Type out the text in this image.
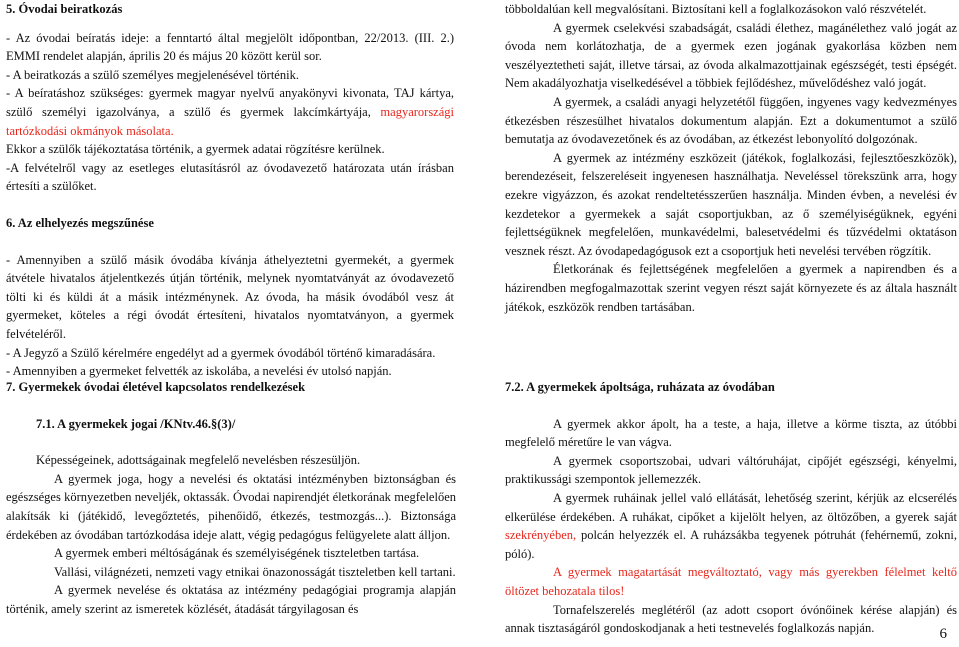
5. Óvodai beiratkozás

- Az óvodai beíratás ideje: a fenntartó által megjelölt időpontban, 22/2013. (III. 2.) EMMI rendelet alapján, április 20 és május 20 között kerül sor.

- A beiratkozás a szülő személyes megjelenésével történik.

- A beíratáshoz szükséges: gyermek magyar nyelvű anyakönyvi kivonata, TAJ kártya, szülő személyi igazolványa, a szülő és gyermek lakcímkártyája, magyarországi tartózkodási okmányok másolata.

Ekkor a szülők tájékoztatása történik, a gyermek adatai rögzítésre kerülnek.

-A felvételről vagy az esetleges elutasításról az óvodavezető határozata után írásban értesíti a szülőket.

6. Az elhelyezés megszűnése

- Amennyiben a szülő másik óvodába kívánja áthelyeztetni gyermekét, a gyermek átvétele hivatalos átjelentkezés útján történik, melynek nyomtatványát az óvodavezető tölti ki és küldi át a másik intézménynek. Az óvoda, ha másik óvodából vesz át gyermeket, köteles a régi óvodát értesíteni, hivatalos nyomtatványon, a gyermek felvételéről.

- A Jegyző a Szülő kérelmére engedélyt ad a gyermek óvodából történő kimaradására.

- Amennyiben a gyermeket felvették az iskolába, a nevelési év utolsó napján.

többoldalúan kell megvalósítani. Biztosítani kell a foglalkozásokon való részvételét.

A gyermek cselekvési szabadságát, családi élethez, magánélethez való jogát az óvoda nem korlátozhatja, de a gyermek ezen jogának gyakorlása közben nem veszélyeztetheti saját, illetve társai, az óvoda alkalmazottjainak egészségét, testi épségét. Nem akadályozhatja viselkedésével a többiek fejlődéshez, művelődéshez való jogát.

A gyermek, a családi anyagi helyzetétől függően, ingyenes vagy kedvezményes étkezésben részesülhet hivatalos dokumentum alapján. Ezt a dokumentumot a szülő bemutatja az óvodavezetőnek és az óvodában, az étkezést lebonyolító dolgozónak.

A gyermek az intézmény eszközeit (játékok, foglalkozási, fejlesztőeszközök), berendezéseit, felszereléseit ingyenesen használhatja. Neveléssel törekszünk arra, hogy ezekre vigyázzon, és azokat rendeltetésszerűen használja. Minden évben, a nevelési év kezdetekor a gyermekek a saját csoportjukban, az ő személyiségüknek, egyéni fejlettségüknek megfelelően, munkavédelmi, balesetvédelmi és tűzvédelmi oktatáson vesznek részt. Az óvodapedagógusok ezt a csoportjuk heti nevelési tervében rögzítik.

Életkorának és fejlettségének megfelelően a gyermek a napirendben és a házirendben megfogalmazottak szerint vegyen részt saját környezete és az általa használt játékok, eszközök rendben tartásában.

7. Gyermekek óvodai életével kapcsolatos rendelkezések

7.1. A gyermekek jogai /KNtv.46.§(3)/

Képességeinek, adottságainak megfelelő nevelésben részesüljön.

A gyermek joga, hogy a nevelési és oktatási intézményben biztonságban és egészséges környezetben neveljék, oktassák. Óvodai napirendjét életkorának megfelelően alakítsák ki (játékidő, levegőztetés, pihenőidő, étkezés, testmozgás...). Biztonsága érdekében az óvodában tartózkodása ideje alatt, végig pedagógus felügyelete alatt álljon.

A gyermek emberi méltóságának és személyiségének tiszteletben tartása.

Vallási, világnézeti, nemzeti vagy etnikai önazonosságát tiszteletben kell tartani.

A gyermek nevelése és oktatása az intézmény pedagógiai programja alapján történik, amely szerint az ismeretek közlését, átadását tárgyilagosan és

7.2. A gyermekek ápoltsága, ruházata az óvodában

A gyermek akkor ápolt, ha a teste, a haja, illetve a körme tiszta, az útóbbi megfelelő méretűre le van vágva.

A gyermek csoportszobai, udvari váltóruhájat, cipőjét egészségi, kényelmi, praktikussági szempontok jellemezzék.

A gyermek ruháinak jellel való ellátását, lehetőség szerint, kérjük az elcserélés elkerülése érdekében. A ruhákat, cipőket a kijelölt helyen, az öltözőben, a gyerek saját szekrényében, polcán helyezzék el. A ruházsákba tegyenek pótruhát (fehérnemű, zokni, póló).

A gyermek magatartását megváltoztató, vagy más gyerekben félelmet keltő öltözet behozatala tilos!

Tornafelszerelés meglétéről (az adott csoport óvónőinek kérése alapján) és annak tisztaságáról gondoskodjanak a heti testnevelés foglalkozás napján.	6
